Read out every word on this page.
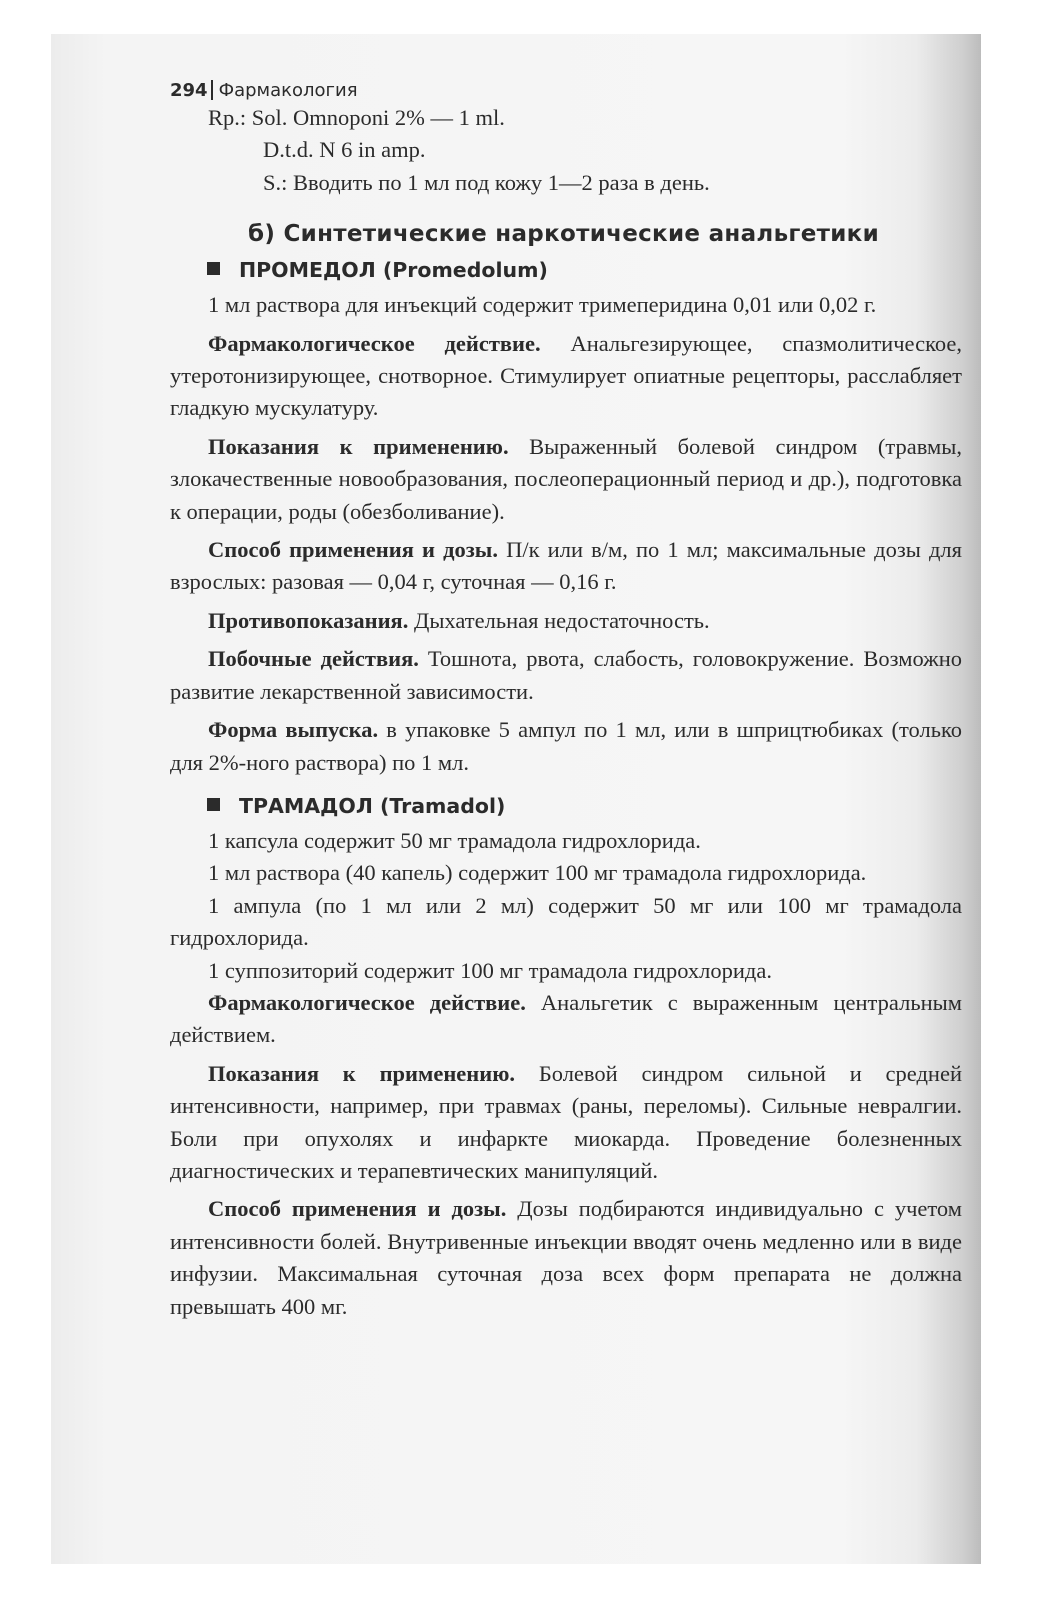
294 Фармакология
Rp.: Sol. Omnoponi 2% — 1 ml.
D.t.d. N 6 in amp.
S.: Вводить по 1 мл под кожу 1—2 раза в день.
б) Синтетические наркотические анальгетики
ПРОМЕДОЛ (Promedolum)

1 мл раствора для инъекций содержит тримеперидина 0,01 или 0,02 г.

Фармакологическое действие. Анальгезирующее, спазмолитическое, утеротонизирующее, снотворное. Стимулирует опиатные рецепторы, расслабляет гладкую мускулатуру.

Показания к применению. Выраженный болевой синдром (травмы, злокачественные новообразования, послеоперационный период и др.), подготовка к операции, роды (обезболивание).

Способ применения и дозы. П/к или в/м, по 1 мл; максимальные дозы для взрослых: разовая — 0,04 г, суточная — 0,16 г.

Противопоказания. Дыхательная недостаточность.

Побочные действия. Тошнота, рвота, слабость, головокружение. Возможно развитие лекарственной зависимости.

Форма выпуска. в упаковке 5 ампул по 1 мл, или в шприцтюбиках (только для 2%-ного раствора) по 1 мл.

ТРАМАДОЛ (Tramadol)

1 капсула содержит 50 мг трамадола гидрохлорида.

1 мл раствора (40 капель) содержит 100 мг трамадола гидрохлорида.

1 ампула (по 1 мл или 2 мл) содержит 50 мг или 100 мг трамадола гидрохлорида.

1 суппозиторий содержит 100 мг трамадола гидрохлорида.

Фармакологическое действие. Анальгетик с выраженным центральным действием.

Показания к применению. Болевой синдром сильной и средней интенсивности, например, при травмах (раны, переломы). Сильные невралгии. Боли при опухолях и инфаркте миокарда. Проведение болезненных диагностических и терапевтических манипуляций.

Способ применения и дозы. Дозы подбираются индивидуально с учетом интенсивности болей. Внутривенные инъекции вводят очень медленно или в виде инфузии. Максимальная суточная доза всех форм препарата не должна превышать 400 мг.
